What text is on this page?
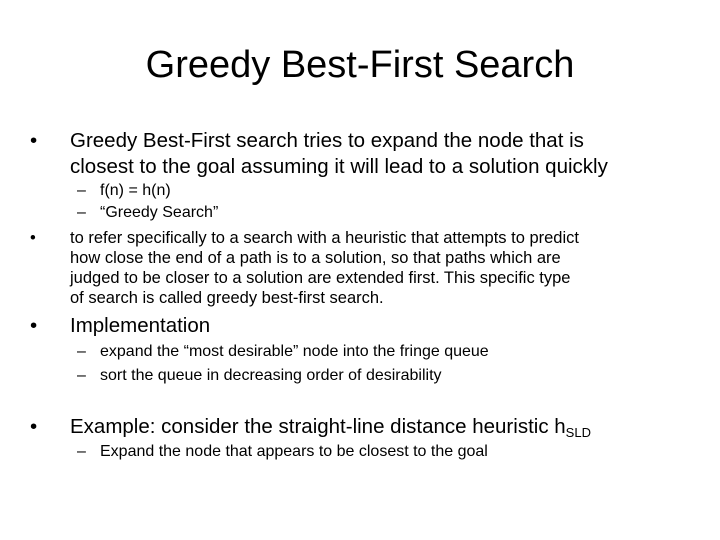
Greedy Best-First Search
•	Greedy Best-First search tries to expand the node that is
closest to the goal assuming it will lead to a solution quickly
– f(n) = h(n)
– “Greedy Search”
• to refer specifically to a search with a heuristic that attempts to predict
how close the end of a path is to a solution, so that paths which are
judged to be closer to a solution are extended first. This specific type
of search is called greedy best-first search.
•	Implementation
– expand the “most desirable” node into the fringe queue
– sort the queue in decreasing order of desirability
•	Example: consider the straight-line distance heuristic $h_{SLD}$
– Expand the node that appears to be closest to the goal
